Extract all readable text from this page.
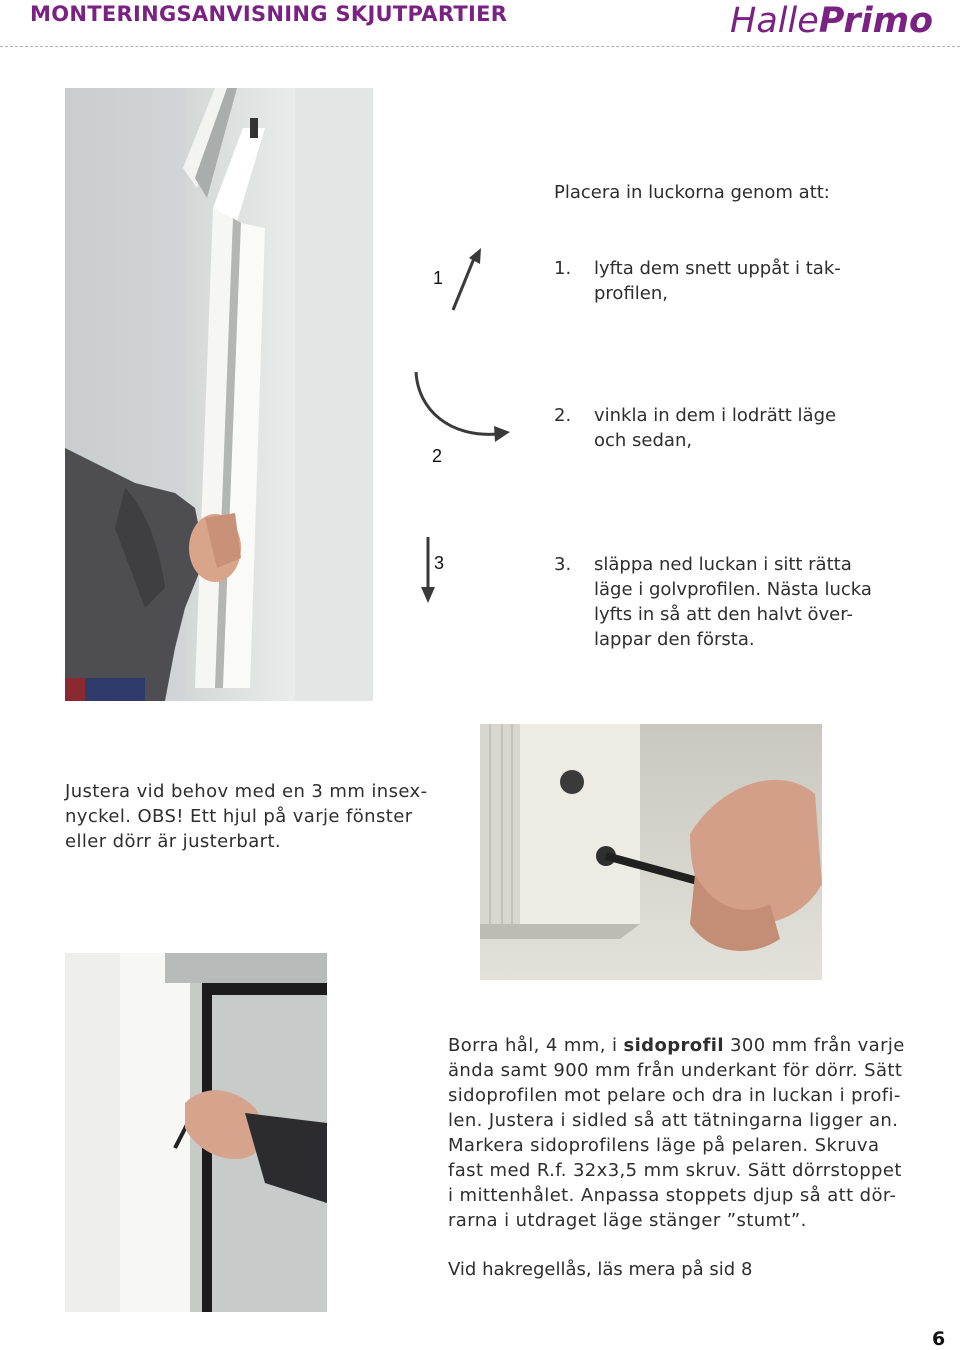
MONTERINGSANVISNING SKJUTPARTIER	HallePrimo
1
2
3
Placera in luckorna genom att:
1.	lyfta dem snett uppåt i tak-
profilen,
2.	vinkla in dem i lodrätt läge
och sedan,
3.	släppa ned luckan i sitt rätta
läge i golvprofilen. Nästa lucka
lyfts in så att den halvt över-
lappar den första.
Justera vid behov med en 3 mm insex-
nyckel. OBS! Ett hjul på varje fönster
eller dörr är justerbart.
Borra hål, 4 mm, i sidoprofil 300 mm från varje
ända samt 900 mm från underkant för dörr. Sätt
sidoprofilen mot pelare och dra in luckan i profi-
len. Justera i sidled så att tätningarna ligger an.
Markera sidoprofilens läge på pelaren. Skruva
fast med R.f. 32x3,5 mm skruv. Sätt dörrstoppet
i mittenhålet. Anpassa stoppets djup så att dör-
rarna i utdraget läge stänger ”stumt”.
Vid hakregellås, läs mera på sid 8
6
